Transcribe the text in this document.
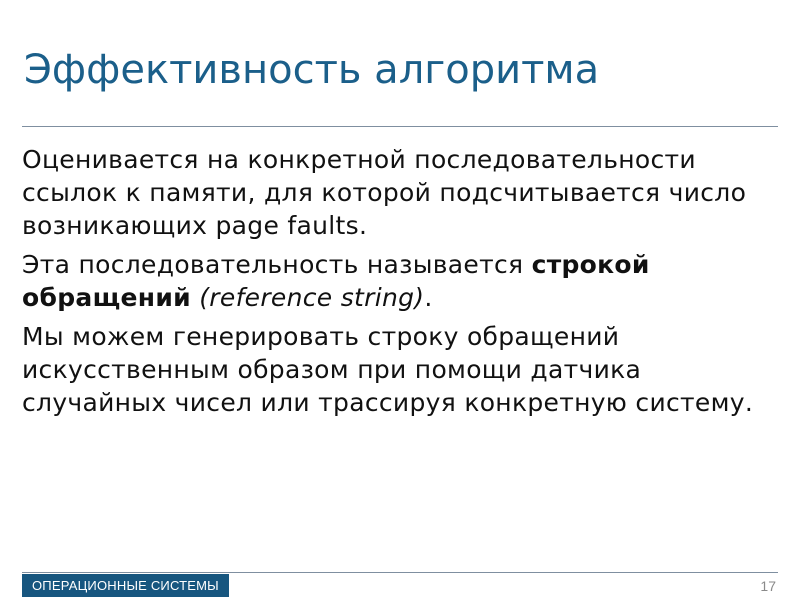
Эффективность алгоритма

Оценивается на конкретной последовательности ссылок к памяти, для которой подсчитывается число возникающих page faults.

Эта последовательность называется строкой обращений (reference string).

Мы можем генерировать строку обращений искусственным образом при помощи датчика случайных чисел или трассируя конкретную систему.

ОПЕРАЦИОННЫЕ СИСТЕМЫ	17
